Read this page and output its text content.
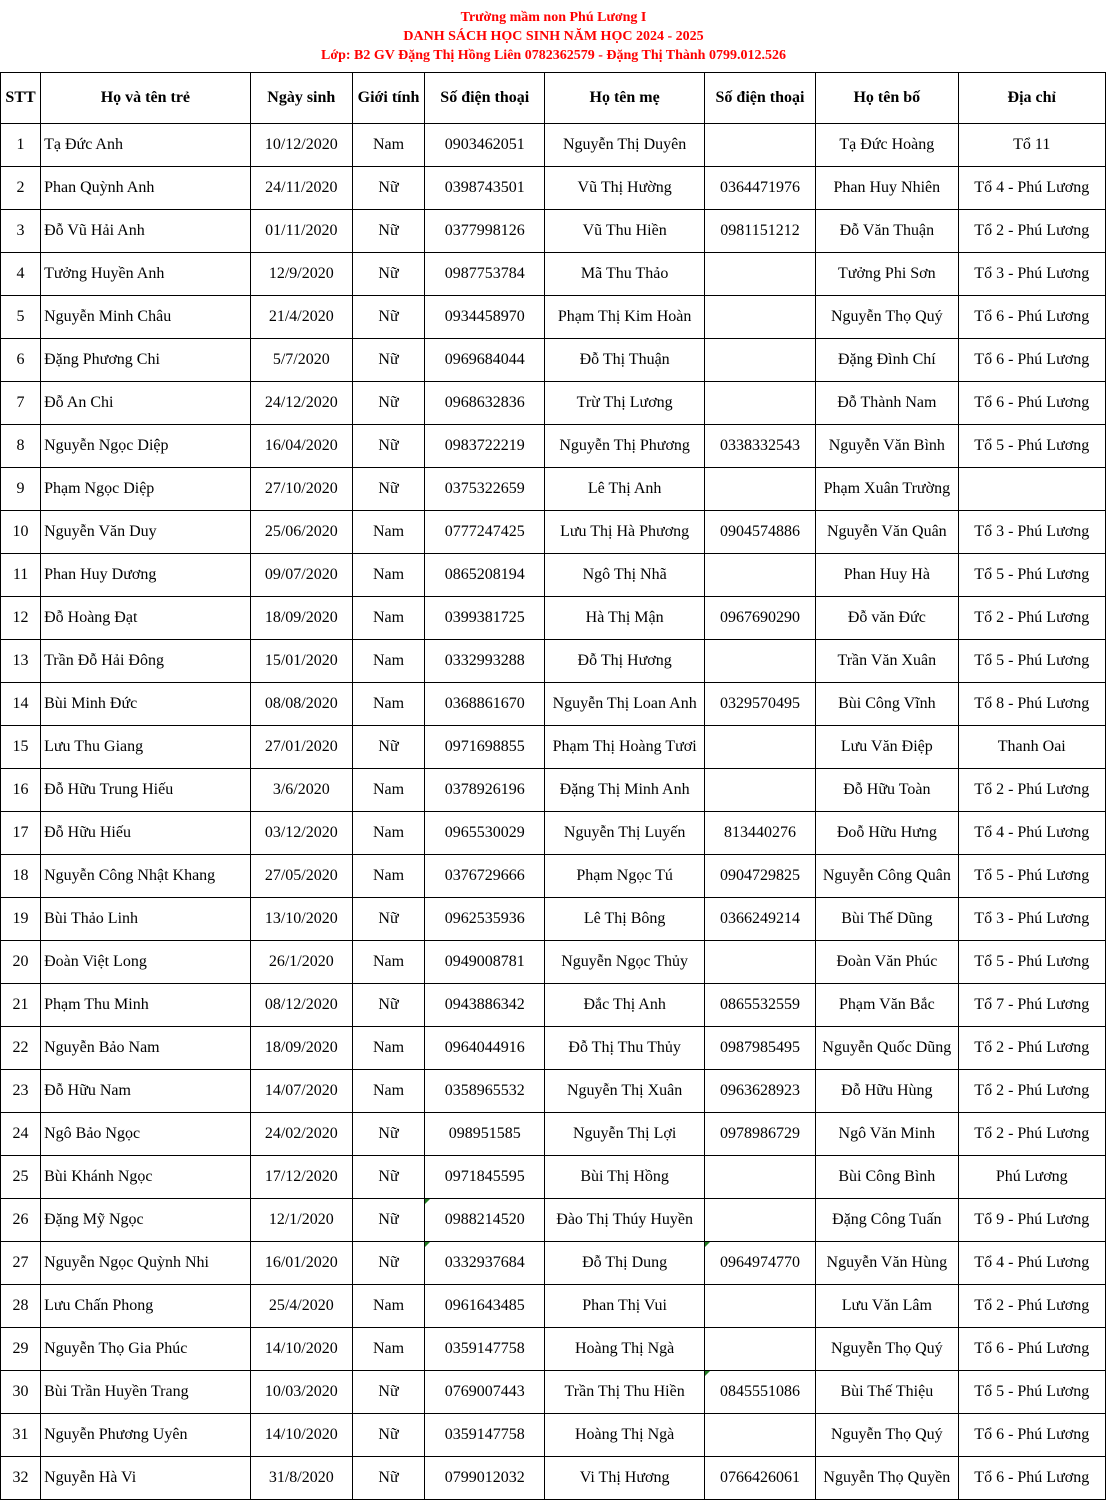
Trường mầm non Phú Lương I
DANH SÁCH HỌC SINH NĂM HỌC 2024 - 2025
Lớp: B2 GV Đặng Thị Hồng Liên 0782362579 - Đặng Thị Thành 0799.012.526
STT	Họ và tên trẻ	Ngày sinh	Giới tính	Số điện thoại	Họ tên mẹ	Số điện thoại	Họ tên bố	Địa chỉ
1	Tạ Đức Anh	10/12/2020	Nam	0903462051	Nguyễn Thị Duyên		Tạ Đức Hoàng	Tổ 11
2	Phan Quỳnh Anh	24/11/2020	Nữ	0398743501	Vũ Thị Hường	0364471976	Phan Huy Nhiên	Tổ 4 - Phú Lương
3	Đỗ Vũ Hải Anh	01/11/2020	Nữ	0377998126	Vũ Thu Hiền	0981151212	Đỗ Văn Thuận	Tổ 2 - Phú Lương
4	Tưởng Huyền Anh	12/9/2020	Nữ	0987753784	Mã Thu Thảo		Tưởng Phi Sơn	Tổ 3 - Phú Lương
5	Nguyễn Minh Châu	21/4/2020	Nữ	0934458970	Phạm Thị Kim Hoàn		Nguyễn Thọ Quý	Tổ 6 - Phú Lương
6	Đặng Phương Chi	5/7/2020	Nữ	0969684044	Đỗ Thị Thuận		Đặng Đình Chí	Tổ 6 - Phú Lương
7	Đỗ An Chi	24/12/2020	Nữ	0968632836	Trừ Thị Lương		Đỗ Thành Nam	Tổ 6 - Phú Lương
8	Nguyễn Ngọc Diệp	16/04/2020	Nữ	0983722219	Nguyễn Thị Phương	0338332543	Nguyễn Văn Bình	Tổ 5 - Phú Lương
9	Phạm Ngọc Diệp	27/10/2020	Nữ	0375322659	Lê Thị Anh		Phạm Xuân Trường	
10	Nguyễn Văn Duy	25/06/2020	Nam	0777247425	Lưu Thị Hà Phương	0904574886	Nguyễn Văn Quân	Tổ 3 - Phú Lương
11	Phan Huy Dương	09/07/2020	Nam	0865208194	Ngô Thị Nhã		Phan Huy Hà	Tổ 5 - Phú Lương
12	Đỗ Hoàng Đạt	18/09/2020	Nam	0399381725	Hà Thị Mận	0967690290	Đỗ văn Đức	Tổ 2 - Phú Lương
13	Trần Đỗ Hải Đông	15/01/2020	Nam	0332993288	Đỗ Thị Hương		Trần Văn Xuân	Tổ 5 - Phú Lương
14	Bùi Minh Đức	08/08/2020	Nam	0368861670	Nguyễn Thị Loan Anh	0329570495	Bùi Công Vĩnh	Tổ 8 - Phú Lương
15	Lưu Thu Giang	27/01/2020	Nữ	0971698855	Phạm Thị Hoàng Tươi		Lưu Văn Điệp	Thanh Oai
16	Đỗ Hữu Trung Hiếu	3/6/2020	Nam	0378926196	Đặng Thị Minh Anh		Đỗ Hữu Toàn	Tổ 2 - Phú Lương
17	Đỗ Hữu Hiếu	03/12/2020	Nam	0965530029	Nguyễn Thị Luyến	813440276	Đoỗ Hữu Hưng	Tổ 4 - Phú Lương
18	Nguyễn Công Nhật Khang	27/05/2020	Nam	0376729666	Phạm Ngọc Tú	0904729825	Nguyễn Công Quân	Tổ 5 - Phú Lương
19	Bùi Thảo Linh	13/10/2020	Nữ	0962535936	Lê Thị Bông	0366249214	Bùi Thế Dũng	Tổ 3 - Phú Lương
20	Đoàn Việt Long	26/1/2020	Nam	0949008781	Nguyễn Ngọc Thủy		Đoàn Văn Phúc	Tổ 5 - Phú Lương
21	Phạm Thu Minh	08/12/2020	Nữ	0943886342	Đắc Thị Anh	0865532559	Phạm Văn Bắc	Tổ 7 - Phú Lương
22	Nguyễn Bảo Nam	18/09/2020	Nam	0964044916	Đỗ Thị Thu Thủy	0987985495	Nguyễn Quốc Dũng	Tổ 2 - Phú Lương
23	Đỗ Hữu Nam	14/07/2020	Nam	0358965532	Nguyễn Thị Xuân	0963628923	Đỗ Hữu Hùng	Tổ 2 - Phú Lương
24	Ngô Bảo Ngọc	24/02/2020	Nữ	098951585	Nguyễn Thị Lợi	0978986729	Ngô Văn Minh	Tổ 2 - Phú Lương
25	Bùi Khánh Ngọc	17/12/2020	Nữ	0971845595	Bùi Thị Hồng		Bùi Công Bình	Phú Lương
26	Đặng Mỹ Ngọc	12/1/2020	Nữ	0988214520	Đào Thị Thúy Huyền		Đặng Công Tuấn	Tổ 9 - Phú Lương
27	Nguyễn Ngọc Quỳnh Nhi	16/01/2020	Nữ	0332937684	Đỗ Thị Dung	0964974770	Nguyễn Văn Hùng	Tổ 4 - Phú Lương
28	Lưu Chấn Phong	25/4/2020	Nam	0961643485	Phan Thị Vui		Lưu Văn Lâm	Tổ 2 - Phú Lương
29	Nguyễn Thọ Gia Phúc	14/10/2020	Nam	0359147758	Hoàng Thị Ngà		Nguyễn Thọ Quý	Tổ 6 - Phú Lương
30	Bùi Trần Huyền Trang	10/03/2020	Nữ	0769007443	Trần Thị Thu Hiền	0845551086	Bùi Thế Thiệu	Tổ 5 - Phú Lương
31	Nguyễn Phương Uyên	14/10/2020	Nữ	0359147758	Hoàng Thị Ngà		Nguyễn Thọ Quý	Tổ 6 - Phú Lương
32	Nguyễn Hà Vi	31/8/2020	Nữ	0799012032	Vi Thị Hương	0766426061	Nguyễn Thọ Quyền	Tổ 6 - Phú Lương
